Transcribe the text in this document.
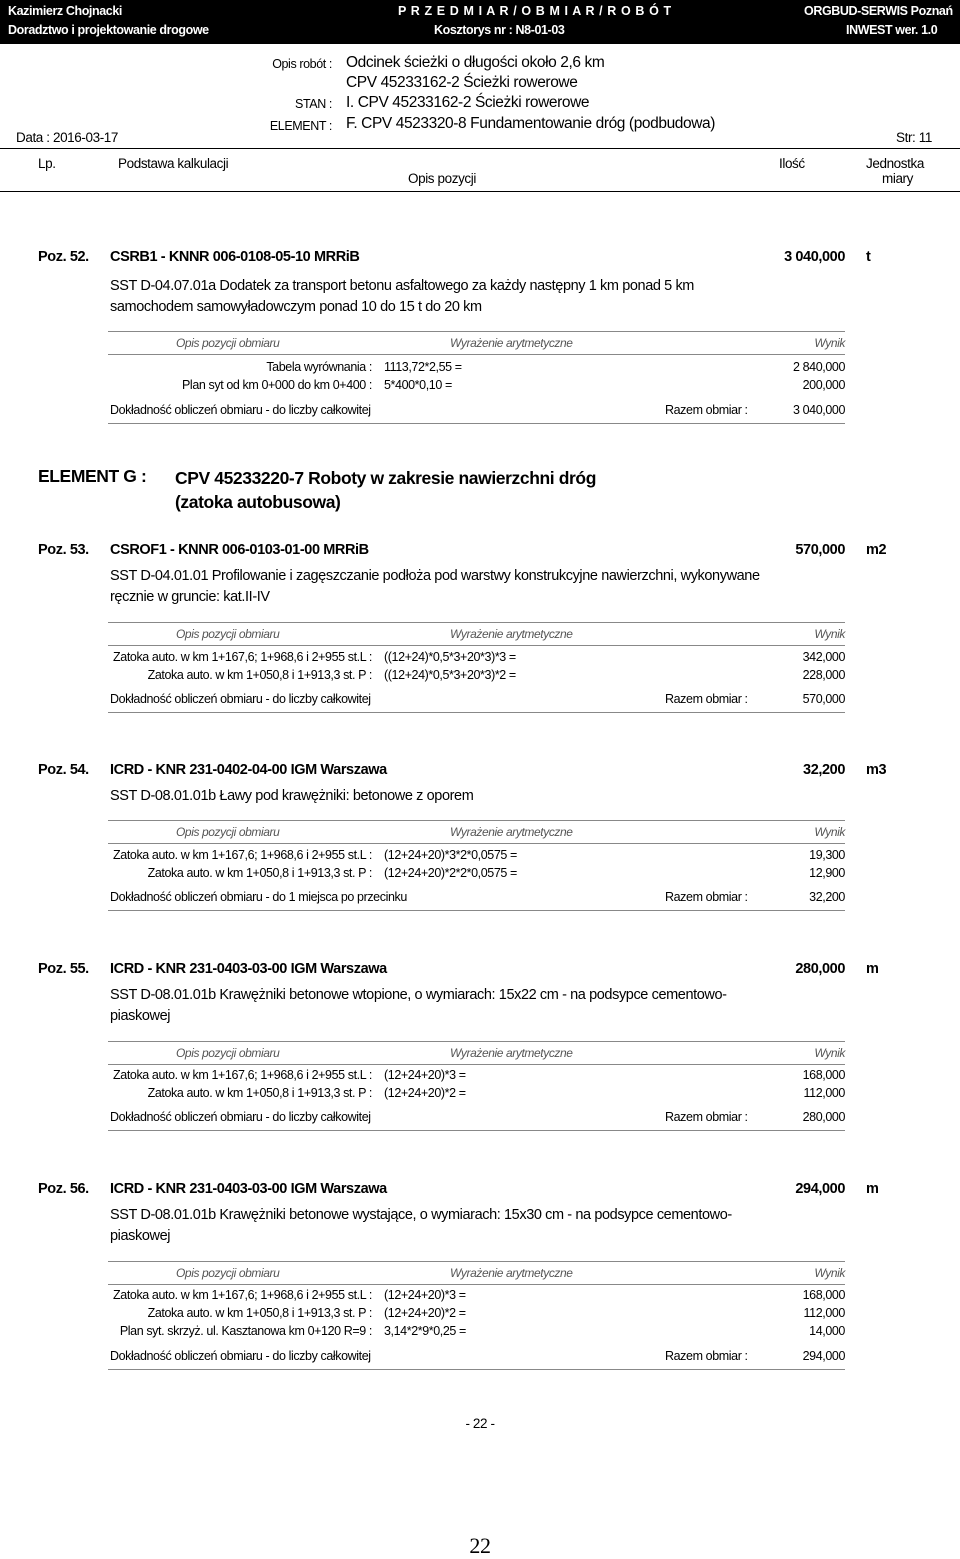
Kazimierz Chojnacki
Doradztwo i projektowanie drogowe
P R Z E D M I A R / O B M I A R / R O B Ó T
Kosztorys nr : N8-01-03
ORGBUD-SERWIS Poznań
INWEST wer. 1.0
Opis robót : Odcinek ścieżki o długości około 2,6 km
CPV 45233162-2 Ścieżki rowerowe
STAN : I. CPV 45233162-2 Ścieżki rowerowe
ELEMENT : F. CPV 4523320-8 Fundamentowanie dróg (podbudowa)
Data : 2016-03-17	Str: 11
Lp.	Podstawa kalkulacji
Opis pozycji
Ilość	Jednostka
miary
Poz. 52. CSRB1 - KNNR 006-0108-05-10 MRRiB	3 040,000 t
SST D-04.07.01a Dodatek za transport betonu asfaltowego za każdy następny 1 km ponad 5 km samochodem samowyładowczym ponad 10 do 15 t do 20 km
Opis pozycji obmiaru	Wyrażenie arytmetyczne	Wynik
Tabela wyrównania : 1113,72*2,55 =	2 840,000
Plan syt od km 0+000 do km 0+400 : 5*400*0,10 =	200,000
Dokładność obliczeń obmiaru - do liczby całkowitej	Razem obmiar :	3 040,000
ELEMENT G : CPV 45233220-7 Roboty w zakresie nawierzchni dróg (zatoka autobusowa)
Poz. 53. CSROF1 - KNNR 006-0103-01-00 MRRiB	570,000 m2
SST D-04.01.01 Profilowanie i zagęszczanie podłoża pod warstwy konstrukcyjne nawierzchni, wykonywane ręcznie w gruncie: kat.II-IV
Opis pozycji obmiaru	Wyrażenie arytmetyczne	Wynik
Zatoka auto. w km 1+167,6; 1+968,6 i 2+955 st.L : ((12+24)*0,5*3+20*3)*3 =	342,000
Zatoka auto. w km 1+050,8 i 1+913,3 st. P : ((12+24)*0,5*3+20*3)*2 =	228,000
Dokładność obliczeń obmiaru - do liczby całkowitej	Razem obmiar :	570,000
Poz. 54. ICRD - KNR 231-0402-04-00 IGM Warszawa	32,200 m3
SST D-08.01.01b Ławy pod krawężniki: betonowe z oporem
Opis pozycji obmiaru	Wyrażenie arytmetyczne	Wynik
Zatoka auto. w km 1+167,6; 1+968,6 i 2+955 st.L : (12+24+20)*3*2*0,0575 =	19,300
Zatoka auto. w km 1+050,8 i 1+913,3 st. P : (12+24+20)*2*2*0,0575 =	12,900
Dokładność obliczeń obmiaru - do 1 miejsca po przecinku	Razem obmiar :	32,200
Poz. 55. ICRD - KNR 231-0403-03-00 IGM Warszawa	280,000 m
SST D-08.01.01b Krawężniki betonowe wtopione, o wymiarach: 15x22 cm - na podsypce cementowo-piaskowej
Opis pozycji obmiaru	Wyrażenie arytmetyczne	Wynik
Zatoka auto. w km 1+167,6; 1+968,6 i 2+955 st.L : (12+24+20)*3 =	168,000
Zatoka auto. w km 1+050,8 i 1+913,3 st. P : (12+24+20)*2 =	112,000
Dokładność obliczeń obmiaru - do liczby całkowitej	Razem obmiar :	280,000
Poz. 56. ICRD - KNR 231-0403-03-00 IGM Warszawa	294,000 m
SST D-08.01.01b Krawężniki betonowe wystające, o wymiarach: 15x30 cm - na podsypce cementowo-piaskowej
Opis pozycji obmiaru	Wyrażenie arytmetyczne	Wynik
Zatoka auto. w km 1+167,6; 1+968,6 i 2+955 st.L : (12+24+20)*3 =	168,000
Zatoka auto. w km 1+050,8 i 1+913,3 st. P : (12+24+20)*2 =	112,000
Plan syt. skrzyż. ul. Kasztanowa km 0+120 R=9 : 3,14*2*9*0,25 =	14,000
Dokładność obliczeń obmiaru - do liczby całkowitej	Razem obmiar :	294,000
- 22 -
22
